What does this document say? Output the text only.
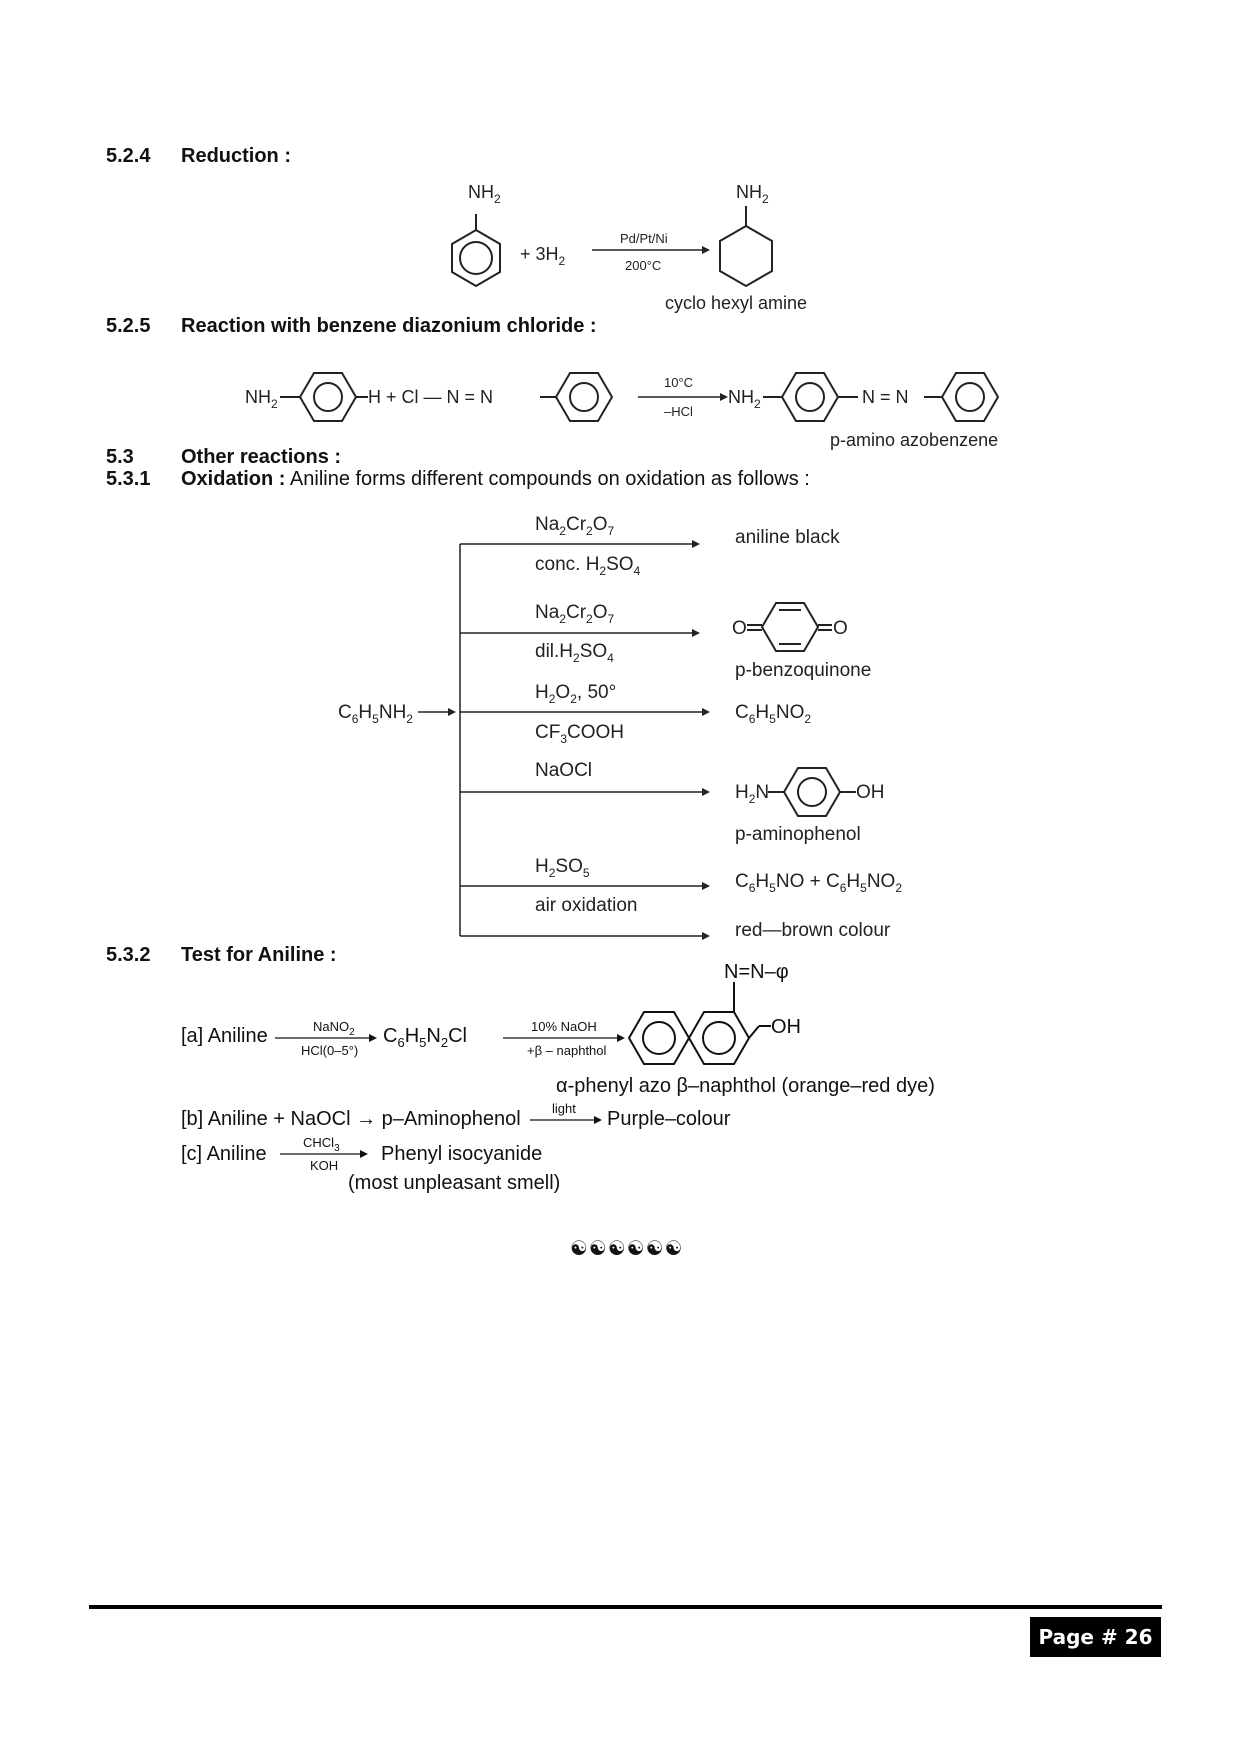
5.2.4 Reduction :
$NH_2$
+ $3H_2$
Pd/Pt/Ni
200°C
$NH_2$
cyclo hexyl amine
5.2.5 Reaction with benzene diazonium chloride :
$NH_2$	H + Cl — N = N
10°C
–HCl
$NH_2$	N = N
p-amino azobenzene
5.3 Other reactions :
5.3.1 Oxidation : Aniline forms different compounds on oxidation as follows :
$C_6H_5NH_2$
$Na_2Cr_2O_7$
conc. $H_2SO_4$
aniline black
$Na_2Cr_2O_7$
$dil.H_2SO_4$
O	O
p-benzoquinone
$H_2O_2$, 50°
$CF_3COOH$
$C_6H_5NO_2$
NaOCl
$H_2N$	OH
p-aminophenol
$H_2SO_5$
air oxidation
$C_6H_5NO + C_6H_5NO_2$
red—brown colour
5.3.2 Test for Aniline :
[a] Aniline	NaNO$_2$
HCl(0–5°)
$C_6H_5N_2Cl$	10% NaOH
+β – naphthol
N=N–φ
OH
α-phenyl azo β–naphthol (orange–red dye)
[b] Aniline + NaOCl → p–Aminophenol light Purple–colour
[c] Aniline
CHCl$_3$
KOH
Phenyl isocyanide
(most unpleasant smell)
☯☯☯☯☯☯
Page # 26
